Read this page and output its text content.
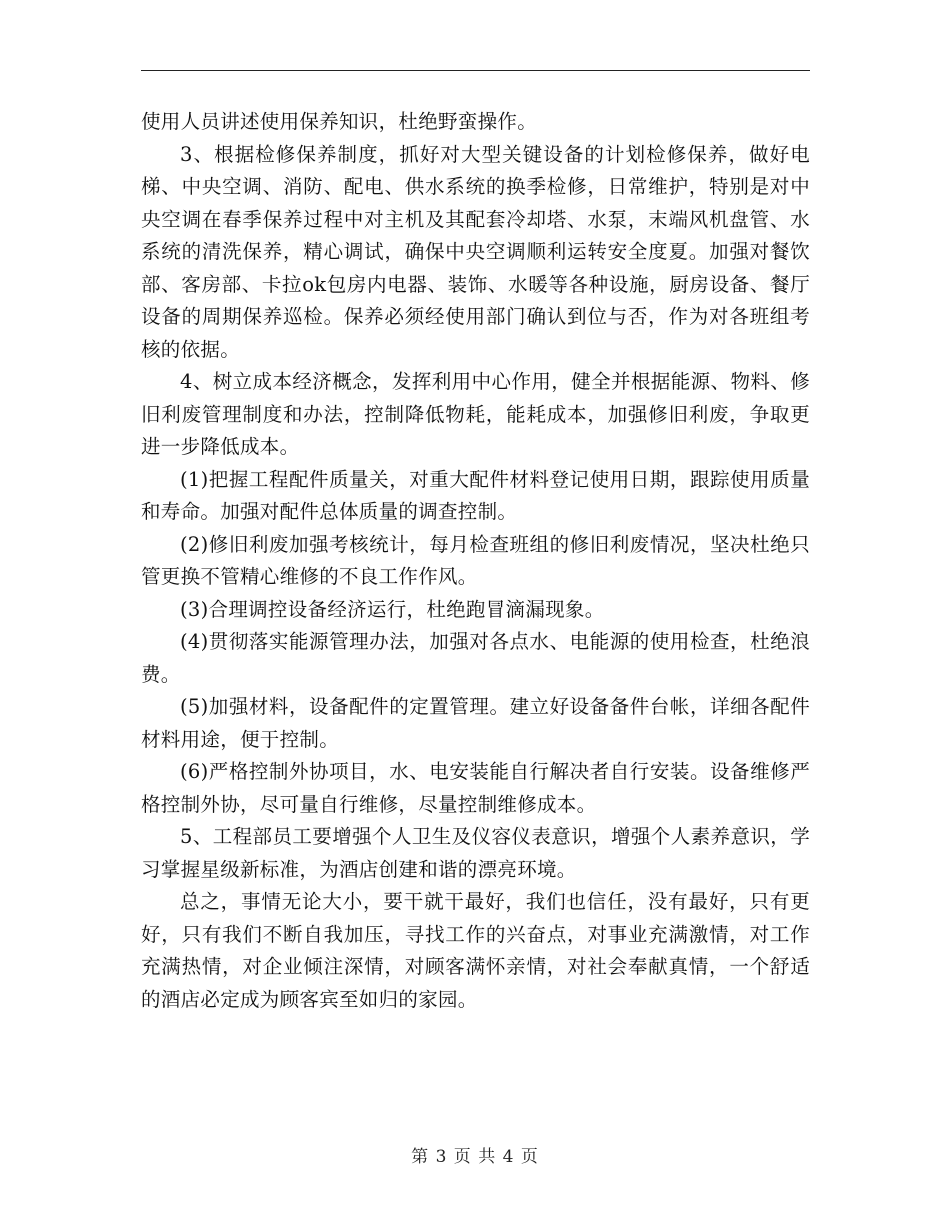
使用人员讲述使用保养知识，杜绝野蛮操作。

3、根据检修保养制度，抓好对大型关键设备的计划检修保养，做好电梯、中央空调、消防、配电、供水系统的换季检修，日常维护，特别是对中央空调在春季保养过程中对主机及其配套冷却塔、水泵，末端风机盘管、水系统的清洗保养，精心调试，确保中央空调顺利运转安全度夏。加强对餐饮部、客房部、卡拉ok包房内电器、装饰、水暖等各种设施，厨房设备、餐厅设备的周期保养巡检。保养必须经使用部门确认到位与否，作为对各班组考核的依据。

4、树立成本经济概念，发挥利用中心作用，健全并根据能源、物料、修旧利废管理制度和办法，控制降低物耗，能耗成本，加强修旧利废，争取更进一步降低成本。

(1)把握工程配件质量关，对重大配件材料登记使用日期，跟踪使用质量和寿命。加强对配件总体质量的调查控制。

(2)修旧利废加强考核统计，每月检查班组的修旧利废情况，坚决杜绝只管更换不管精心维修的不良工作作风。

(3)合理调控设备经济运行，杜绝跑冒滴漏现象。

(4)贯彻落实能源管理办法，加强对各点水、电能源的使用检查，杜绝浪费。

(5)加强材料，设备配件的定置管理。建立好设备备件台帐，详细各配件材料用途，便于控制。

(6)严格控制外协项目，水、电安装能自行解决者自行安装。设备维修严格控制外协，尽可量自行维修，尽量控制维修成本。

5、工程部员工要增强个人卫生及仪容仪表意识，增强个人素养意识，学习掌握星级新标准，为酒店创建和谐的漂亮环境。

总之，事情无论大小，要干就干最好，我们也信任，没有最好，只有更好，只有我们不断自我加压，寻找工作的兴奋点，对事业充满激情，对工作充满热情，对企业倾注深情，对顾客满怀亲情，对社会奉献真情，一个舒适的酒店必定成为顾客宾至如归的家园。

第 3 页 共 4 页
